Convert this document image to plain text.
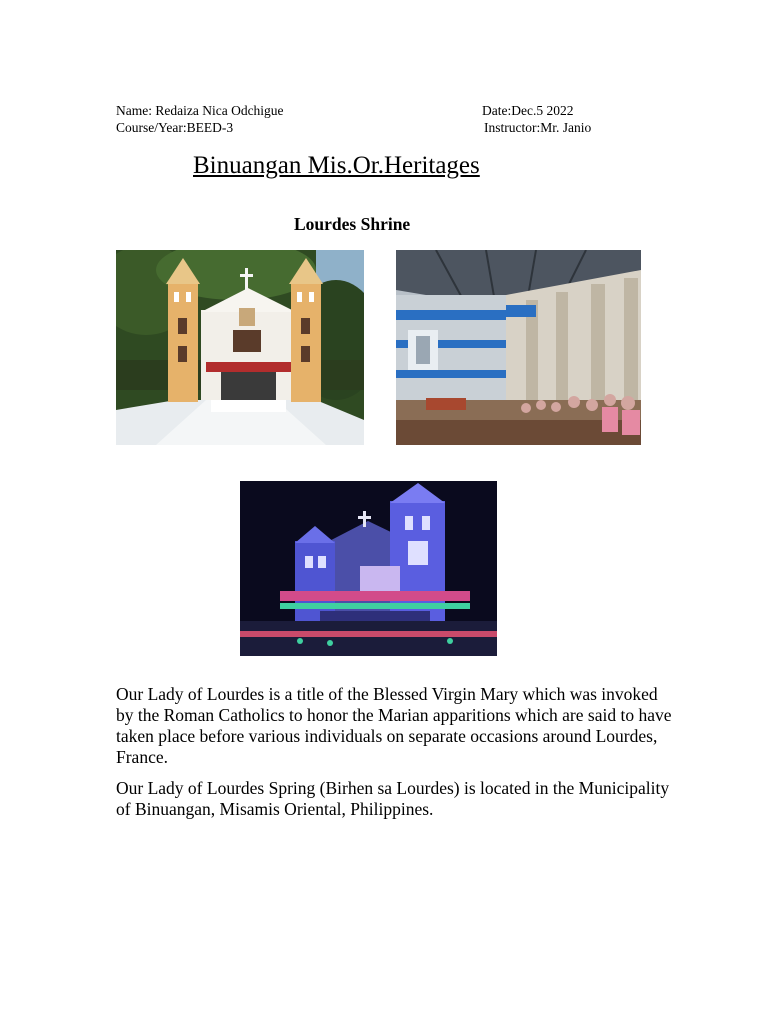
Name: Redaiza Nica Odchigue
Course/Year:BEED-3
Date:Dec.5 2022
Instructor:Mr. Janio
Binuangan Mis.Or.Heritages
Lourdes Shrine

Our Lady of Lourdes is a title of the Blessed Virgin Mary which was invoked by the Roman Catholics to honor the Marian apparitions which are said to have taken place before various individuals on separate occasions around Lourdes, France.

Our Lady of Lourdes Spring (Birhen sa Lourdes) is located in the Municipality of Binuangan, Misamis Oriental, Philippines.
